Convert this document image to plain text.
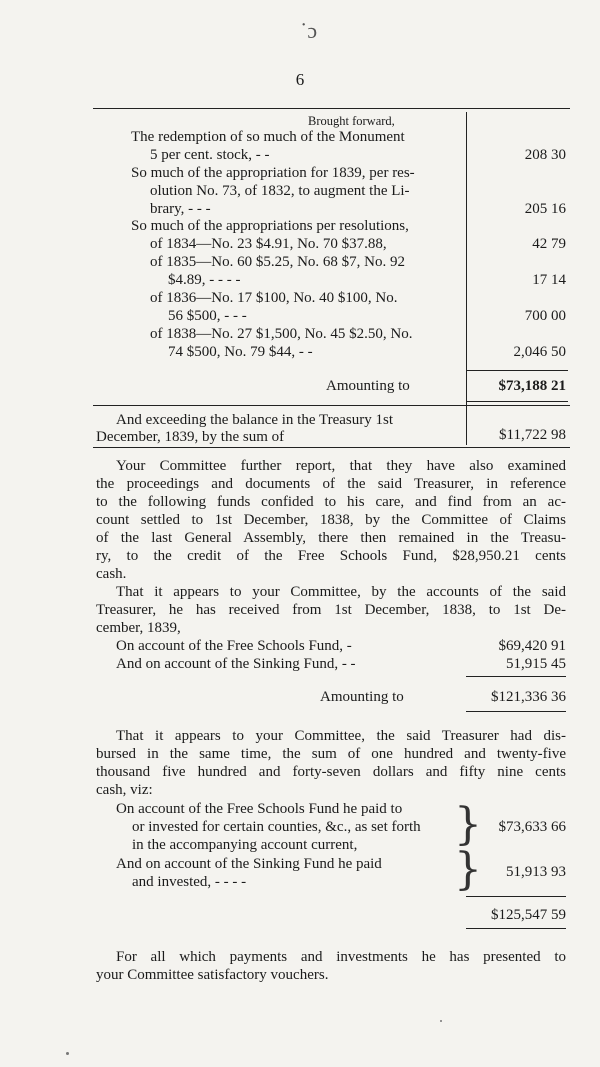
˙ɔ
6
Brought forward,
The redemption of so much of the Monument
5 per cent. stock, - -	208 30
So much of the appropriation for 1839, per res-
olution No. 73, of 1832, to augment the Li-
brary, - - -	205 16
So much of the appropriations per resolutions,
of 1834—No. 23 $4.91, No. 70 $37.88,	42 79
of 1835—No. 60 $5.25, No. 68 $7, No. 92
$4.89, - - - -	17 14
of 1836—No. 17 $100, No. 40 $100, No.
56 $500, - - -	700 00
of 1838—No. 27 $1,500, No. 45 $2.50, No.
74 $500, No. 79 $44, - -	2,046 50
Amounting to	$73,188 21
And exceeding the balance in the Treasury 1st
December, 1839, by the sum of	$11,722 98
Your Committee further report, that they have also examined
the proceedings and documents of the said Treasurer, in reference
to the following funds confided to his care, and find from an ac-
count settled to 1st December, 1838, by the Committee of Claims
of the last General Assembly, there then remained in the Treasu-
ry, to the credit of the Free Schools Fund, $28,950.21 cents
cash.
That it appears to your Committee, by the accounts of the said
Treasurer, he has received from 1st December, 1838, to 1st De-
cember, 1839,
On account of the Free Schools Fund, -	$69,420 91
And on account of the Sinking Fund, - -	51,915 45
Amounting to	$121,336 36
That it appears to your Committee, the said Treasurer had dis-
bursed in the same time, the sum of one hundred and twenty-five
thousand five hundred and forty-seven dollars and fifty nine cents
cash, viz:
On account of the Free Schools Fund he paid to
or invested for certain counties, &c., as set forth
in the accompanying account current, }	$73,633 66
And on account of the Sinking Fund he paid
and invested, - - - -	}	51,913 93
$125,547 59
For all which payments and investments he has presented to
your Committee satisfactory vouchers.
